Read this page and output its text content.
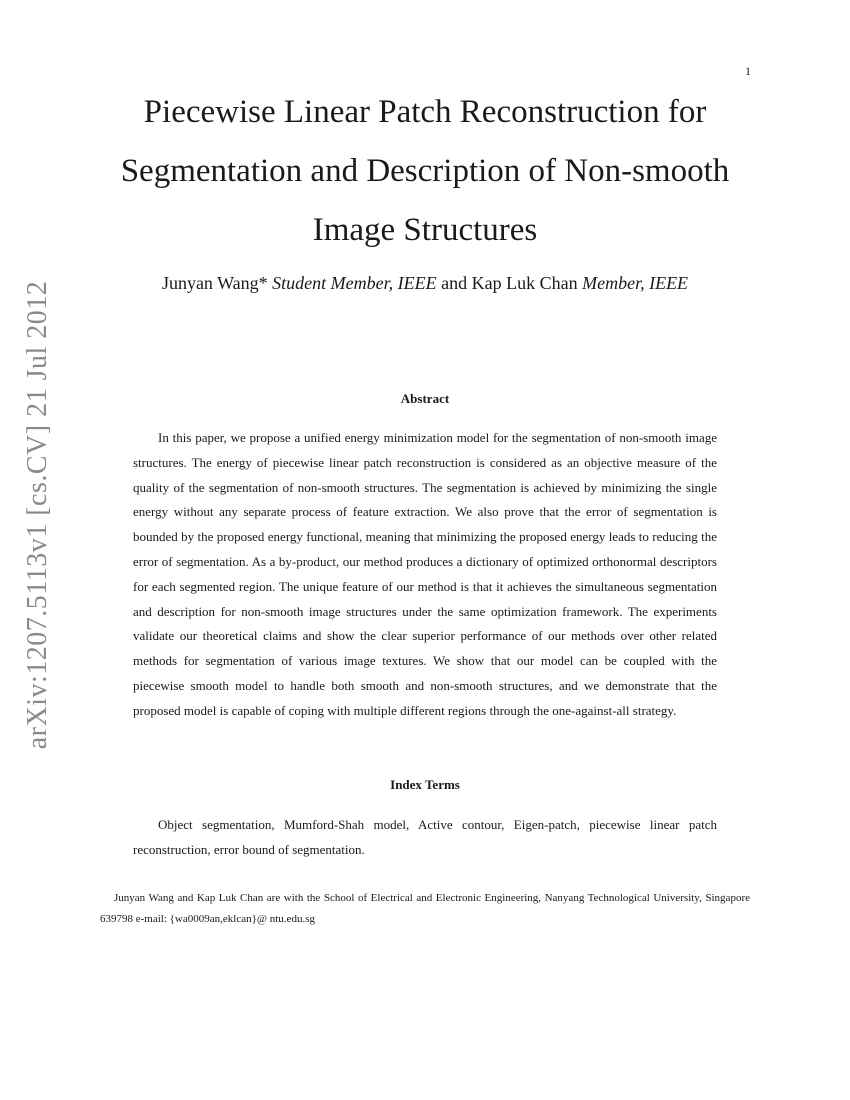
1
arXiv:1207.5113v1 [cs.CV] 21 Jul 2012
Piecewise Linear Patch Reconstruction for Segmentation and Description of Non-smooth Image Structures
Junyan Wang* Student Member, IEEE and Kap Luk Chan Member, IEEE
Abstract

In this paper, we propose a unified energy minimization model for the segmentation of non-smooth image structures. The energy of piecewise linear patch reconstruction is considered as an objective measure of the quality of the segmentation of non-smooth structures. The segmentation is achieved by minimizing the single energy without any separate process of feature extraction. We also prove that the error of segmentation is bounded by the proposed energy functional, meaning that minimizing the proposed energy leads to reducing the error of segmentation. As a by-product, our method produces a dictionary of optimized orthonormal descriptors for each segmented region. The unique feature of our method is that it achieves the simultaneous segmentation and description for non-smooth image structures under the same optimization framework. The experiments validate our theoretical claims and show the clear superior performance of our methods over other related methods for segmentation of various image textures. We show that our model can be coupled with the piecewise smooth model to handle both smooth and non-smooth structures, and we demonstrate that the proposed model is capable of coping with multiple different regions through the one-against-all strategy.

Index Terms

Object segmentation, Mumford-Shah model, Active contour, Eigen-patch, piecewise linear patch reconstruction, error bound of segmentation.

Junyan Wang and Kap Luk Chan are with the School of Electrical and Electronic Engineering, Nanyang Technological University, Singapore 639798 e-mail: {wa0009an,eklcan}@ ntu.edu.sg
